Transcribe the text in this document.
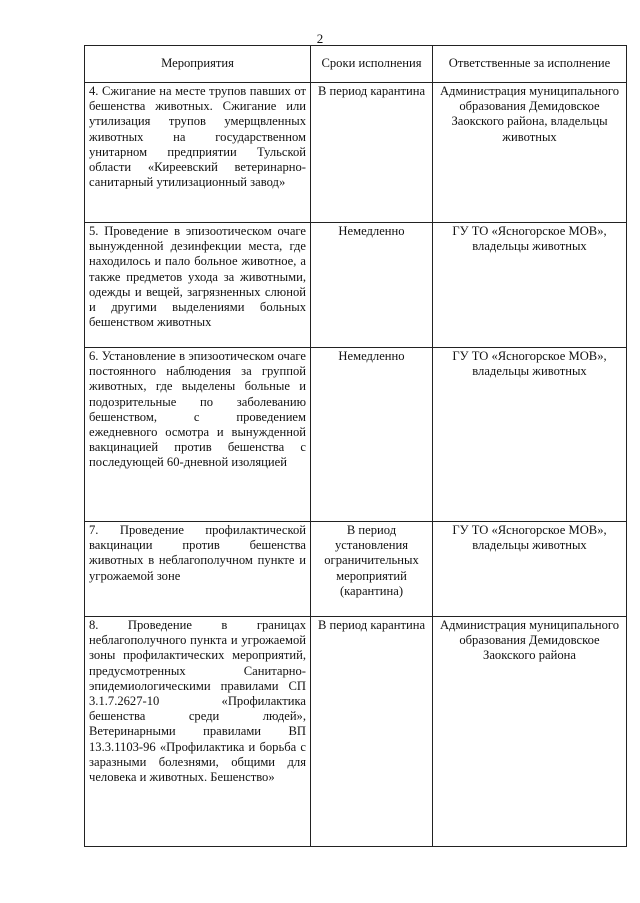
2
Мероприятия	Сроки исполнения	Ответственные за исполнение
4. Сжигание на месте трупов павших от бешенства животных. Сжигание или утилизация трупов умерщвленных животных на государственном унитарном предприятии Тульской области «Киреевский ветеринарно-санитарный утилизационный завод»	В период карантина	Администрация муниципального образования Демидовское Заокского района, владельцы животных
5. Проведение в эпизоотическом очаге вынужденной дезинфекции места, где находилось и пало больное животное, а также предметов ухода за животными, одежды и вещей, загрязненных слюной и другими выделениями больных бешенством животных	Немедленно	ГУ ТО «Ясногорское МОВ», владельцы животных
6. Установление в эпизоотическом очаге постоянного наблюдения за группой животных, где выделены больные и подозрительные по заболеванию бешенством, с проведением ежедневного осмотра и вынужденной вакцинацией против бешенства с последующей 60-дневной изоляцией	Немедленно	ГУ ТО «Ясногорское МОВ», владельцы животных
7. Проведение профилактической вакцинации против бешенства животных в неблагополучном пункте и угрожаемой зоне	В период установления ограничительных мероприятий (карантина)	ГУ ТО «Ясногорское МОВ», владельцы животных
8. Проведение в границах неблагополучного пункта и угрожаемой зоны профилактических мероприятий, предусмотренных Санитарно-эпидемиологическими правилами СП 3.1.7.2627-10 «Профилактика бешенства среди людей», Ветеринарными правилами ВП 13.3.1103-96 «Профилактика и борьба с заразными болезнями, общими для человека и животных. Бешенство»	В период карантина	Администрация муниципального образования Демидовское Заокского района
